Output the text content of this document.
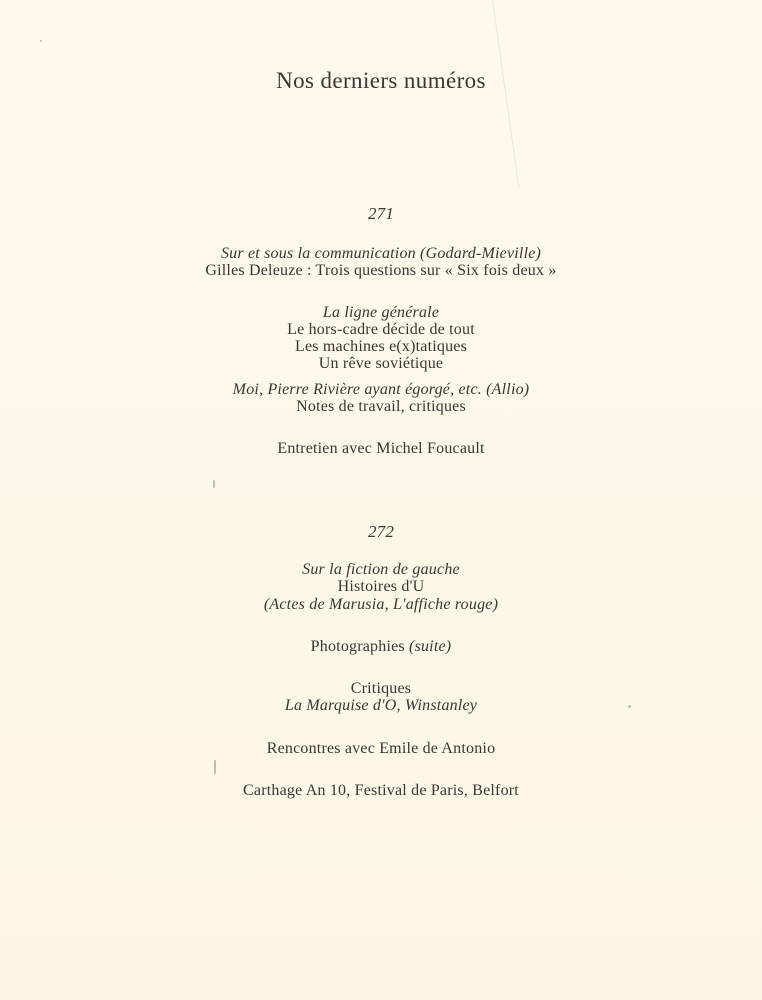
Nos derniers numéros
271
Sur et sous la communication (Godard-Mieville)
Gilles Deleuze : Trois questions sur « Six fois deux »
La ligne générale
Le hors-cadre décide de tout
Les machines e(x)tatiques
Un rêve soviétique
Moi, Pierre Rivière ayant égorgé, etc. (Allio)
Notes de travail, critiques
Entretien avec Michel Foucault
272
Sur la fiction de gauche
Histoires d'U
(Actes de Marusia, L'affiche rouge)
Photographies (suite)
Critiques
La Marquise d'O, Winstanley
Rencontres avec Emile de Antonio
Carthage An 10, Festival de Paris, Belfort
